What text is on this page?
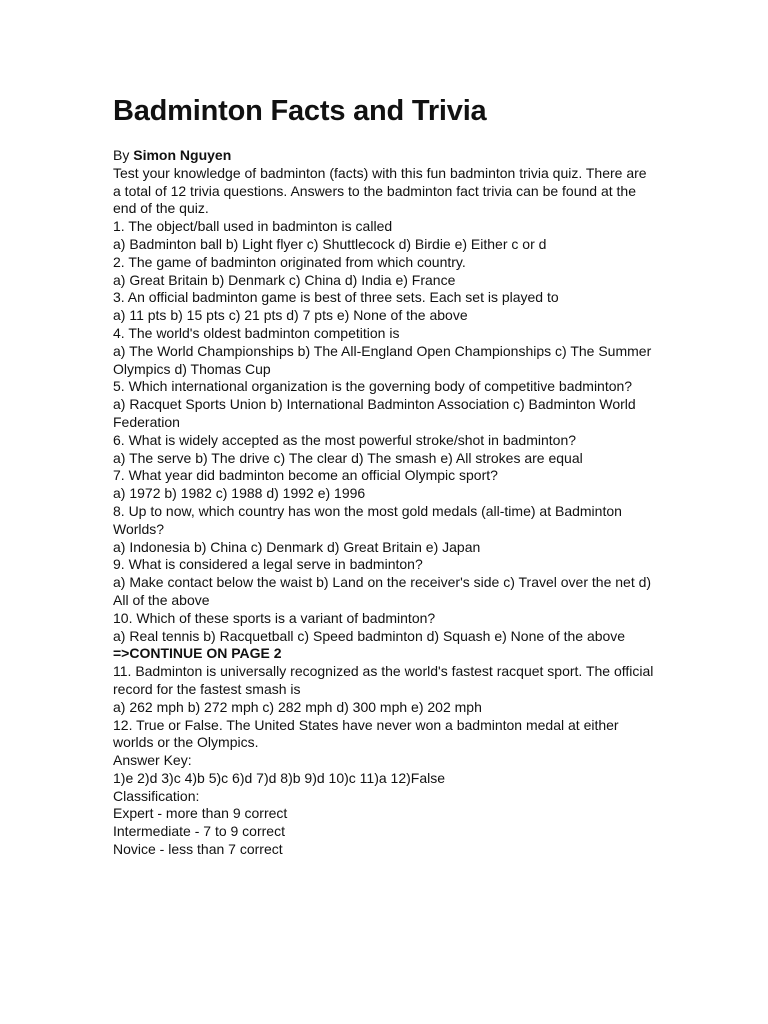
Badminton Facts and Trivia
By Simon Nguyen
Test your knowledge of badminton (facts) with this fun badminton trivia quiz. There are a total of 12 trivia questions. Answers to the badminton fact trivia can be found at the end of the quiz.
1. The object/ball used in badminton is called
a) Badminton ball b) Light flyer c) Shuttlecock d) Birdie e) Either c or d
2. The game of badminton originated from which country.
a) Great Britain b) Denmark c) China d) India e) France
3. An official badminton game is best of three sets. Each set is played to
a) 11 pts b) 15 pts c) 21 pts d) 7 pts e) None of the above
4. The world's oldest badminton competition is
a) The World Championships b) The All-England Open Championships c) The Summer Olympics d) Thomas Cup
5. Which international organization is the governing body of competitive badminton?
a) Racquet Sports Union b) International Badminton Association c) Badminton World Federation
6. What is widely accepted as the most powerful stroke/shot in badminton?
a) The serve b) The drive c) The clear d) The smash e) All strokes are equal
7. What year did badminton become an official Olympic sport?
a) 1972 b) 1982 c) 1988 d) 1992 e) 1996
8. Up to now, which country has won the most gold medals (all-time) at Badminton Worlds?
a) Indonesia b) China c) Denmark d) Great Britain e) Japan
9. What is considered a legal serve in badminton?
a) Make contact below the waist b) Land on the receiver's side c) Travel over the net d) All of the above
10. Which of these sports is a variant of badminton?
a) Real tennis b) Racquetball c) Speed badminton d) Squash e) None of the above
=>CONTINUE ON PAGE 2
11. Badminton is universally recognized as the world's fastest racquet sport. The official record for the fastest smash is
a) 262 mph b) 272 mph c) 282 mph d) 300 mph e) 202 mph
12. True or False. The United States have never won a badminton medal at either worlds or the Olympics.
Answer Key:
1)e 2)d 3)c 4)b 5)c 6)d 7)d 8)b 9)d 10)c 11)a 12)False
Classification:
Expert - more than 9 correct
Intermediate - 7 to 9 correct
Novice - less than 7 correct
